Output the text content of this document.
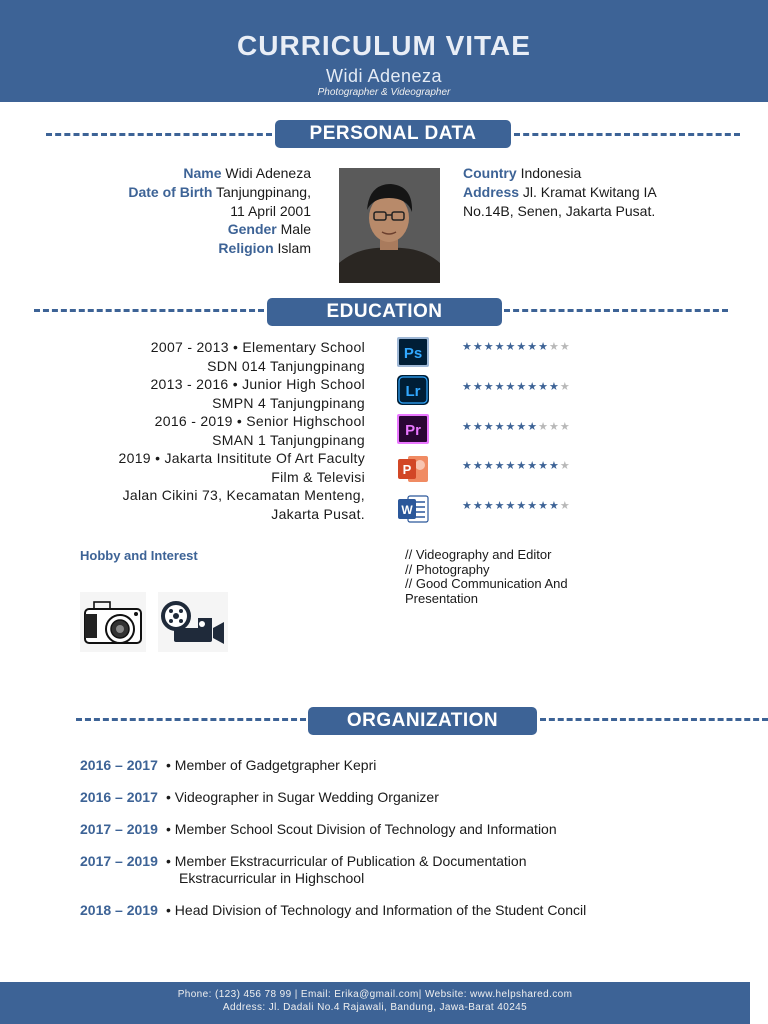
CURRICULUM VITAE
Widi Adeneza
Photographer & Videographer
PERSONAL DATA
Name Widi Adeneza
Date of Birth Tanjungpinang,
11 April 2001
Gender Male
Religion Islam
Country Indonesia
Address Jl. Kramat Kwitang IA
No.14B, Senen, Jakarta Pusat.
EDUCATION
2007 - 2013 • Elementary School
SDN 014 Tanjungpinang
2013 - 2016 • Junior High School
SMPN 4 Tanjungpinang
2016 - 2019 • Senior Highschool
SMAN 1 Tanjungpinang
2019 • Jakarta Insititute Of Art Faculty
Film & Televisi
Jalan Cikini 73, Kecamatan Menteng,
Jakarta Pusat.
Ps
Lr
Pr
P
W
★★★★★★★★★★
★★★★★★★★★★
★★★★★★★★★★
★★★★★★★★★★
★★★★★★★★★★
Hobby and Interest	// Videography and Editor
// Photography
// Good Communication And
Presentation
ORGANIZATION
2016 – 2017 • Member of Gadgetgrapher Kepri
2016 – 2017 • Videographer in Sugar Wedding Organizer
2017 – 2019 • Member School Scout Division of Technology and Information
2017 – 2019 • Member Ekstracurricular of Publication & Documentation
Ekstracurricular in Highschool
2018 – 2019 • Head Division of Technology and Information of the Student Concil
Phone: (123) 456 78 99 | Email: Erika@gmail.com| Website: www.helpshared.com
Address: Jl. Dadali No.4 Rajawali, Bandung, Jawa-Barat 40245
